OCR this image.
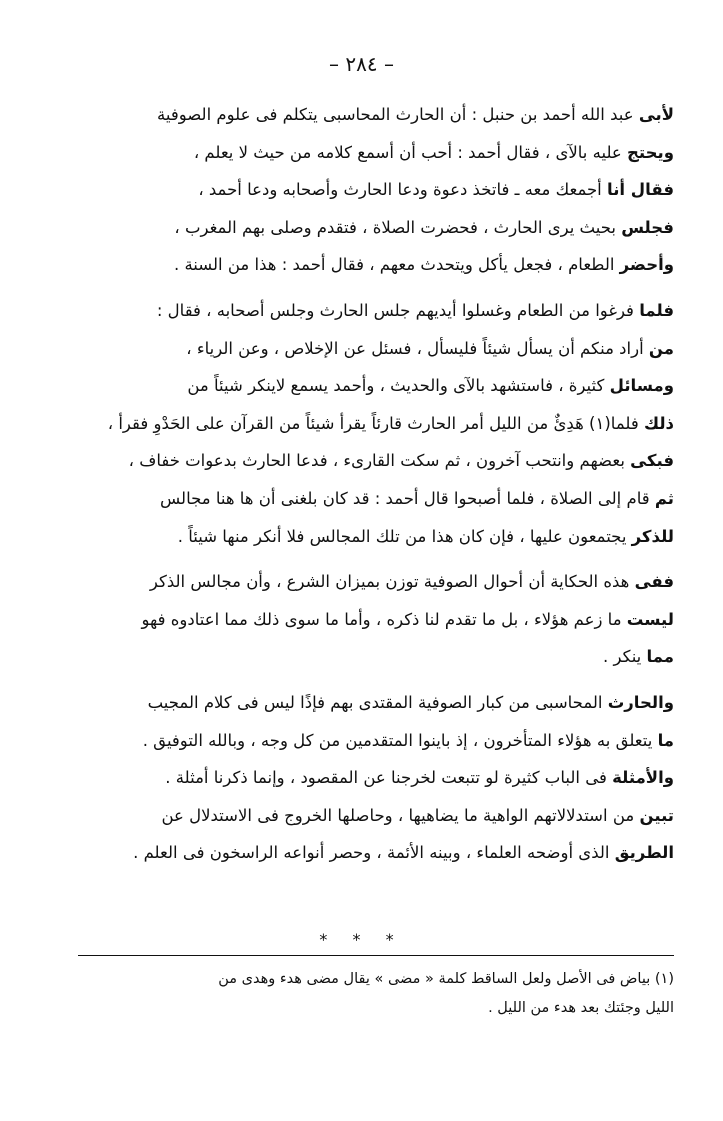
– ٢٨٤ –
لأبى عبد الله أحمد بن حنبل : أن الحارث المحاسبى يتكلم فى علوم الصوفية
ويحتج عليه بالآى ، فقال أحمد : أحب أن أسمع كلامه من حيث لا يعلم ،
فقال أنا أجمعك معه ـ فاتخذ دعوة ودعا الحارث وأصحابه ودعا أحمد ،
فجلس بحيث يرى الحارث ، فحضرت الصلاة ، فتقدم وصلى بهم المغرب ،
وأحضر الطعام ، فجعل يأكل ويتحدث معهم ، فقال أحمد : هذا من السنة .
فلما فرغوا من الطعام وغسلوا أيديهم جلس الحارث وجلس أصحابه ، فقال :
من أراد منكم أن يسأل شيئاً فليسأل ، فسئل عن الإخلاص ، وعن الرياء ،
ومسائل كثيرة ، فاستشهد بالآى والحديث ، وأحمد يسمع لاينكر شيئاً من
ذلك فلما(١) هَدِئٌ من الليل أمر الحارث قارئاً يقرأ شيئاً من القرآن على الحَدْوِ فقرأ ،
فبكى بعضهم وانتحب آخرون ، ثم سكت القارىء ، فدعا الحارث بدعوات خفاف ،
ثم قام إلى الصلاة ، فلما أصبحوا قال أحمد : قد كان بلغنى أن ها هنا مجالس
للذكر يجتمعون عليها ، فإن كان هذا من تلك المجالس فلا أنكر منها شيئاً .
ففى هذه الحكاية أن أحوال الصوفية توزن بميزان الشرع ، وأن مجالس الذكر
ليست ما زعم هؤلاء ، بل ما تقدم لنا ذكره ، وأما ما سوى ذلك مما اعتادوه فهو
مما ينكر .
والحارث المحاسبى من كبار الصوفية المقتدى بهم فإذًا ليس فى كلام المجيب
ما يتعلق به هؤلاء المتأخرون ، إذ باينوا المتقدمين من كل وجه ، وبالله التوفيق .
والأمثلة فى الباب كثيرة لو تتبعت لخرجنا عن المقصود ، وإنما ذكرنا أمثلة .
تبين من استدلالاتهم الواهية ما يضاهيها ، وحاصلها الخروج فى الاستدلال عن
الطريق الذى أوضحه العلماء ، وبينه الأئمة ، وحصر أنواعه الراسخون فى العلم .
* * *
(١) بياض فى الأصل ولعل الساقط كلمة « مضى » يقال مضى هدء وهدى من
الليل وجئتك بعد هدء من الليل .
